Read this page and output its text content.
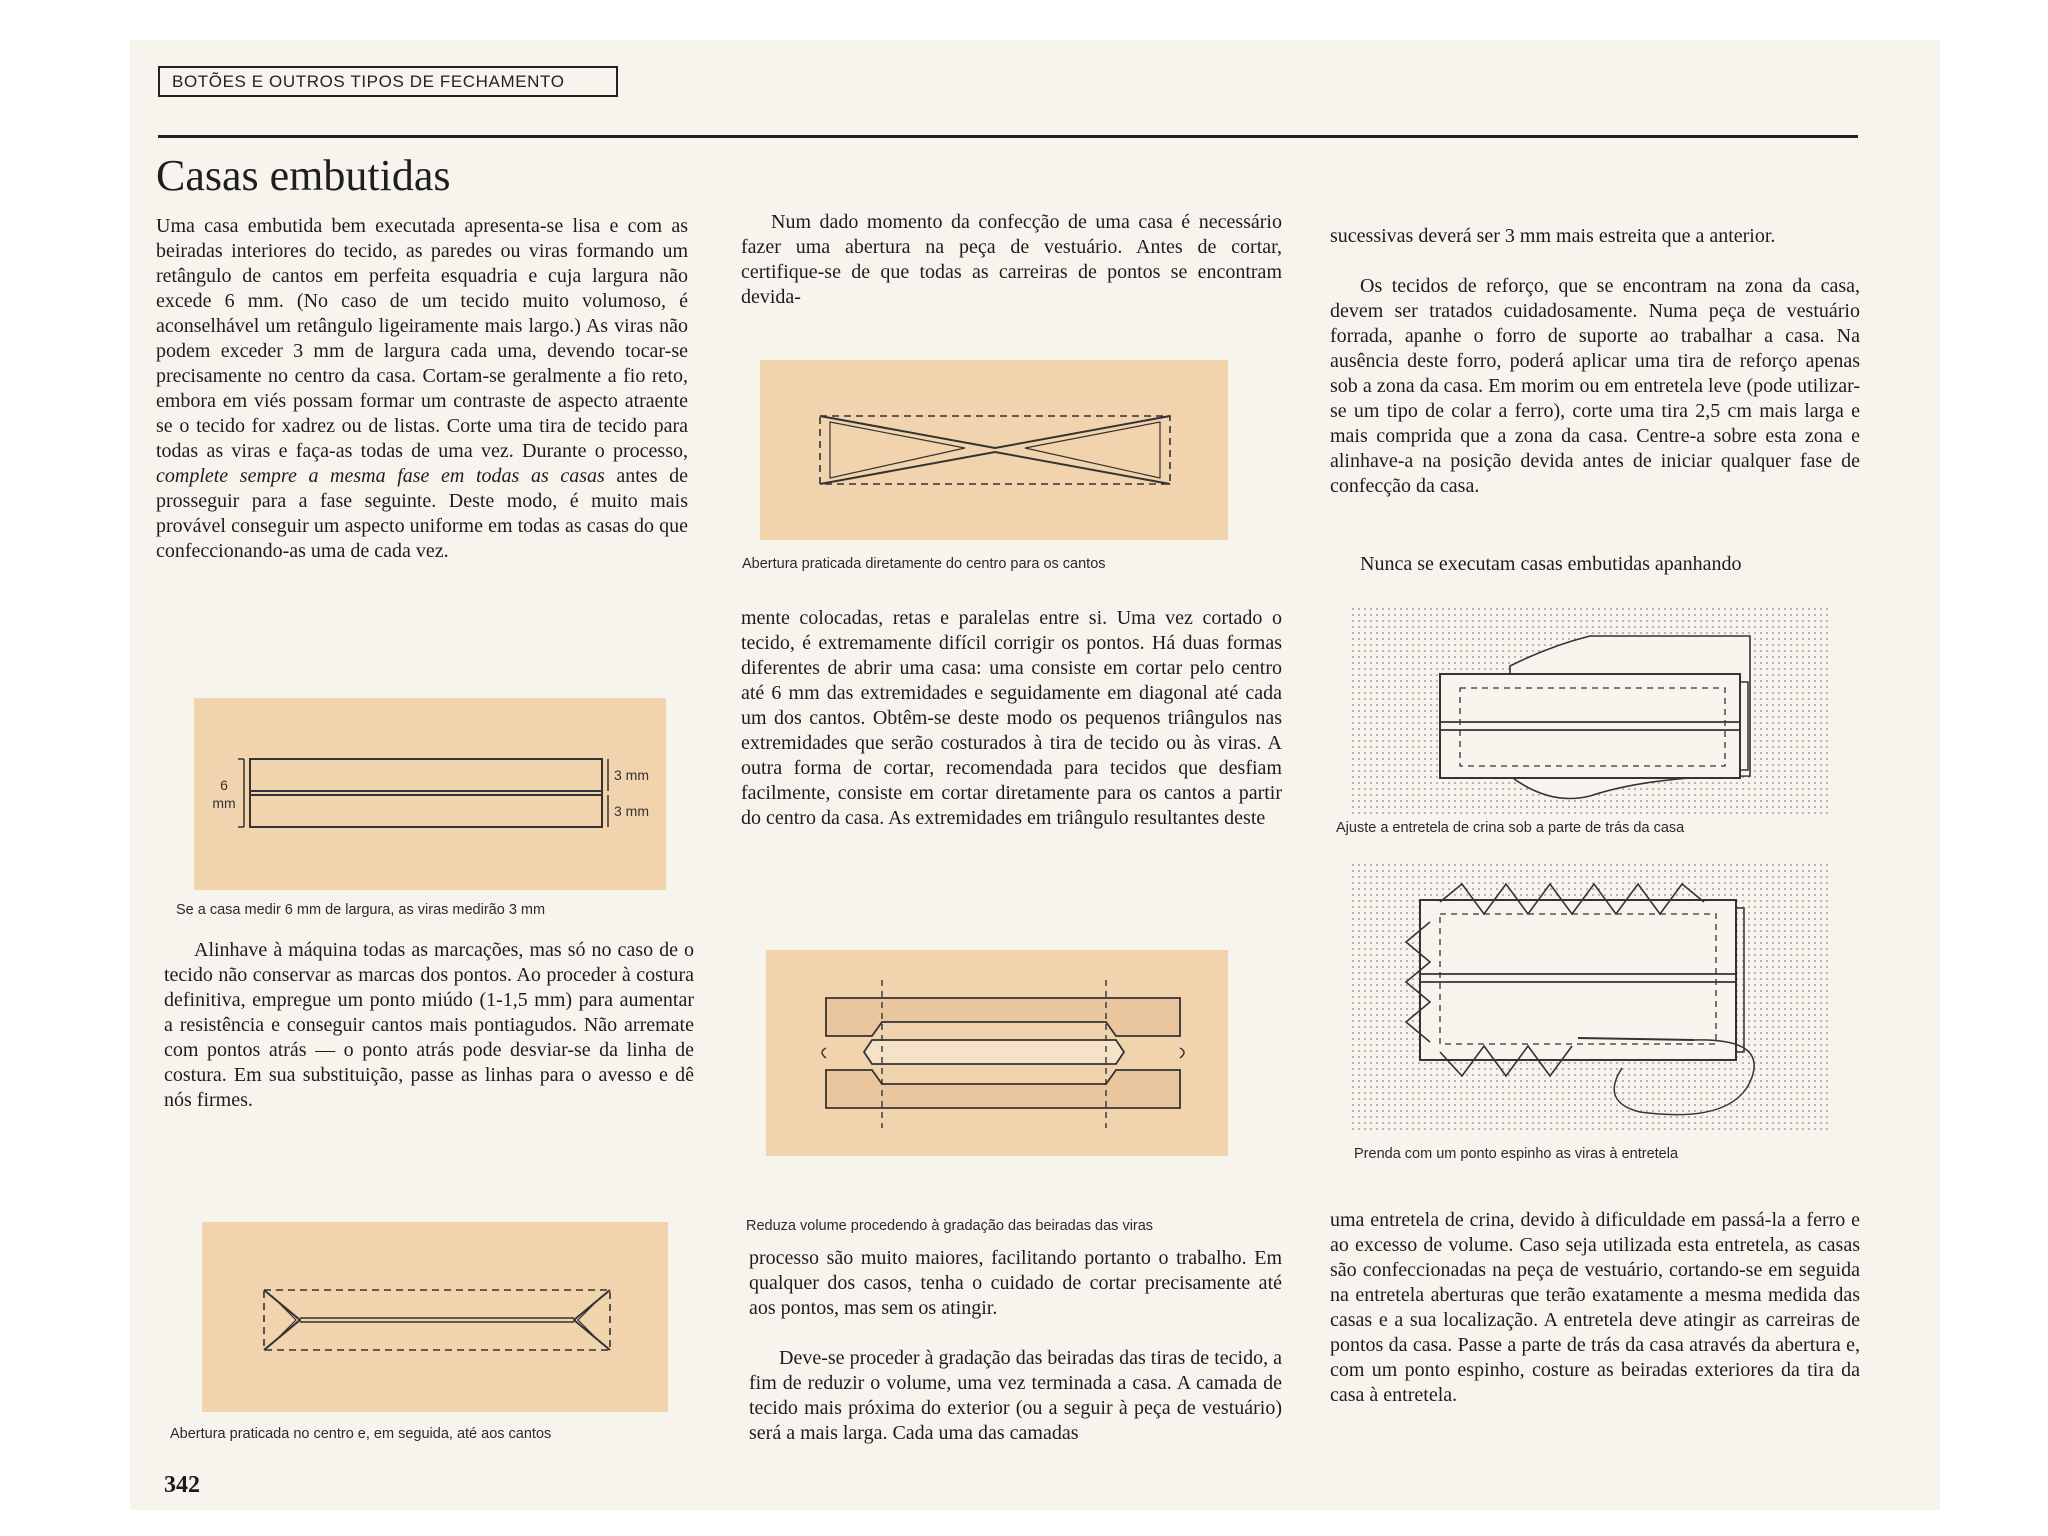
BOTÕES E OUTROS TIPOS DE FECHAMENTO
Casas embutidas

Uma casa embutida bem executada apresenta-se lisa e com as beiradas interiores do tecido, as paredes ou viras formando um retângulo de cantos em perfeita esquadria e cuja largura não excede 6 mm. (No caso de um tecido muito volumoso, é aconselhável um retângulo ligeiramente mais largo.) As viras não podem exceder 3 mm de largura cada uma, devendo tocar-se precisamente no centro da casa. Cortam-se geralmente a fio reto, embora em viés possam formar um contraste de aspecto atraente se o tecido for xadrez ou de listas. Corte uma tira de tecido para todas as viras e faça-as todas de uma vez. Durante o processo, complete sempre a mesma fase em todas as casas antes de prosseguir para a fase seguinte. Deste modo, é muito mais provável conseguir um aspecto uniforme em todas as casas do que confeccionando-as uma de cada vez.

6
mm
3 mm
3 mm

Se a casa medir 6 mm de largura, as viras medirão 3 mm

Alinhave à máquina todas as marcações, mas só no caso de o tecido não conservar as marcas dos pontos. Ao proceder à costura definitiva, empregue um ponto miúdo (1-1,5 mm) para aumentar a resistência e conseguir cantos mais pontiagudos. Não arremate com pontos atrás — o ponto atrás pode desviar-se da linha de costura. Em sua substituição, passe as linhas para o avesso e dê nós firmes.

Abertura praticada no centro e, em seguida, até aos cantos

Num dado momento da confecção de uma casa é necessário fazer uma abertura na peça de vestuário. Antes de cortar, certifique-se de que todas as carreiras de pontos se encontram devida-

Abertura praticada diretamente do centro para os cantos

mente colocadas, retas e paralelas entre si. Uma vez cortado o tecido, é extremamente difícil corrigir os pontos. Há duas formas diferentes de abrir uma casa: uma consiste em cortar pelo centro até 6 mm das extremidades e seguidamente em diagonal até cada um dos cantos. Obtêm-se deste modo os pequenos triângulos nas extremidades que serão costurados à tira de tecido ou às viras. A outra forma de cortar, recomendada para tecidos que desfiam facilmente, consiste em cortar diretamente para os cantos a partir do centro da casa. As extremidades em triângulo resultantes deste

Reduza volume procedendo à gradação das beiradas das viras

processo são muito maiores, facilitando portanto o trabalho. Em qualquer dos casos, tenha o cuidado de cortar precisamente até aos pontos, mas sem os atingir.

Deve-se proceder à gradação das beiradas das tiras de tecido, a fim de reduzir o volume, uma vez terminada a casa. A camada de tecido mais próxima do exterior (ou a seguir à peça de vestuário) será a mais larga. Cada uma das camadas

sucessivas deverá ser 3 mm mais estreita que a anterior.

Os tecidos de reforço, que se encontram na zona da casa, devem ser tratados cuidadosamente. Numa peça de vestuário forrada, apanhe o forro de suporte ao trabalhar a casa. Na ausência deste forro, poderá aplicar uma tira de reforço apenas sob a zona da casa. Em morim ou em entretela leve (pode utilizar-se um tipo de colar a ferro), corte uma tira 2,5 cm mais larga e mais comprida que a zona da casa. Centre-a sobre esta zona e alinhave-a na posição devida antes de iniciar qualquer fase de confecção da casa.

Nunca se executam casas embutidas apanhando

Ajuste a entretela de crina sob a parte de trás da casa

Prenda com um ponto espinho as viras à entretela

uma entretela de crina, devido à dificuldade em passá-la a ferro e ao excesso de volume. Caso seja utilizada esta entretela, as casas são confeccionadas na peça de vestuário, cortando-se em seguida na entretela aberturas que terão exatamente a mesma medida das casas e a sua localização. A entretela deve atingir as carreiras de pontos da casa. Passe a parte de trás da casa através da abertura e, com um ponto espinho, costure as beiradas exteriores da tira da casa à entretela.

342
